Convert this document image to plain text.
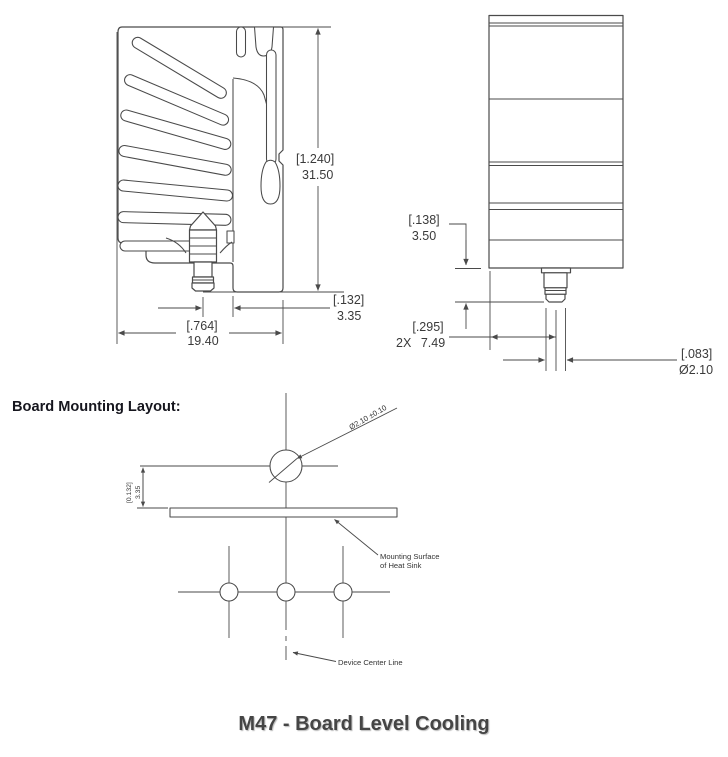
[1.240]
31.50
[.132]
3.35
[.764]
19.40
[.138]
3.50
[.295]
2X 7.49
[.083]
Ø2.10
Board Mounting Layout:	Ø2.10 ±0.10
[0.132] 3.35
Mounting Surface
of Heat Sink
Device Center Line
M47 - Board Level Cooling
